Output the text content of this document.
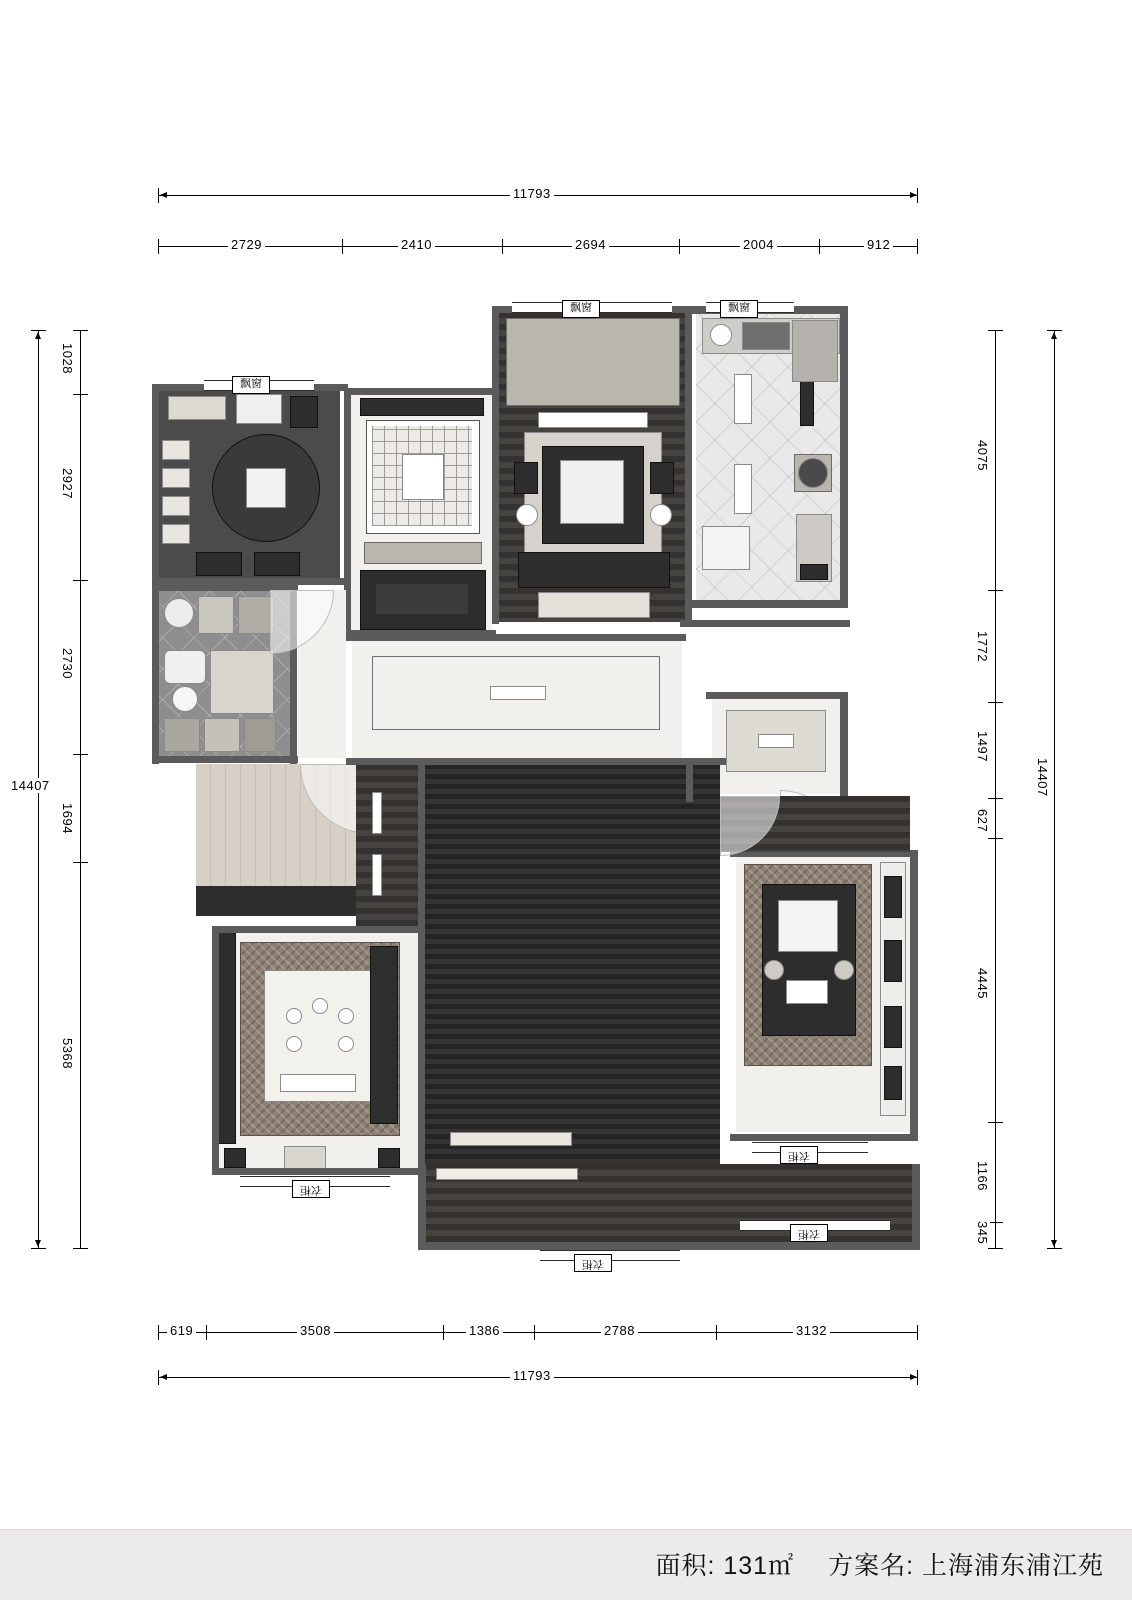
11793
2729	2410	2694	2004	912
619	3508	1386	2788	3132
11793
14407
1028
2927
2730
1694
5368
4075
1772
1497
627
4445
1166
345
14407
飘窗	飘窗
飘窗
衣柜
衣柜
衣柜
衣柜
面积: 131㎡ 方案名: 上海浦东浦江苑
